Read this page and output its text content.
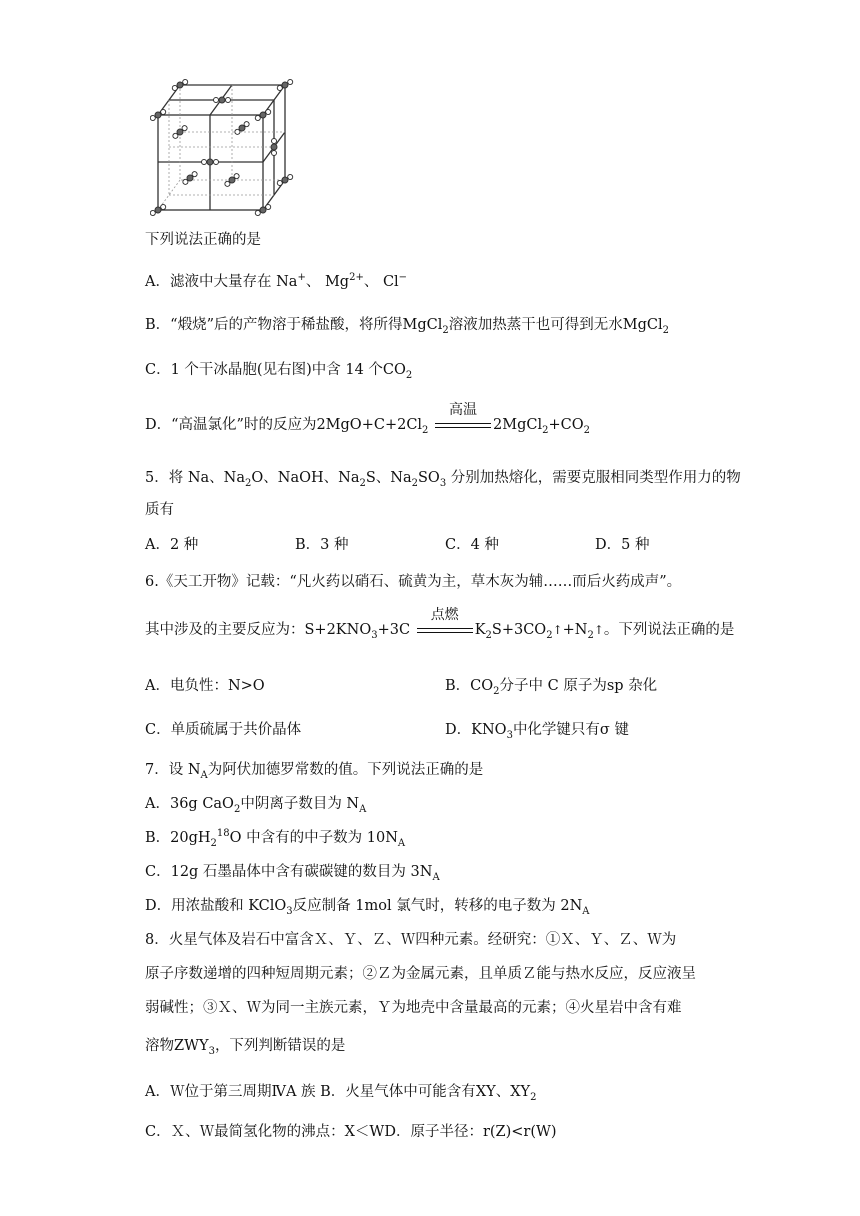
下列说法正确的是
A．滤液中大量存在 Na+、 $Mg^{2+}$、 Cl−
B．“煅烧”后的产物溶于稀盐酸，将所得MgCl$_2$溶液加热蒸干也可得到无水MgCl$_2$
C．1 个干冰晶胞(见右图)中含 14 个$CO_2$
D．“高温氯化”时的反应为$2MgO+C+2Cl_2$
高温
$2MgCl_2+CO_2$
5．将 Na、$Na_2O$、NaOH、$Na_2S$、$Na_2SO_3$ 分别加热熔化，需要克服相同类型作用力的物
质有
A．2 种	B．3 种	C．4 种	D．5 种
6.《天工开物》记载：“凡火药以硝石、硫黄为主，草木灰为辅……而后火药成声”。
其中涉及的主要反应为：$S+2KNO_3+3C$
点燃
$K_2S+3CO_2↑+N_2↑$。下列说法正确的是
A．电负性：N>O	B．$CO_2$分子中 C 原子为sp 杂化
C．单质硫属于共价晶体	D．$KNO_3$中化学键只有σ 键
7．设 $N_A$为阿伏加德罗常数的值。下列说法正确的是
A．36g CaO$_2$中阴离子数目为 $N_A$
B．$20gH_2^{18}O$ 中含有的中子数为 $10N_A$
C．12g 石墨晶体中含有碳碳键的数目为 $3N_A$
D．用浓盐酸和 KClO$_3$反应制备 1mol 氯气时，转移的电子数为 $2N_A$
8．火星气体及岩石中富含Ｘ、Ｙ、Ｚ、Ｗ四种元素。经研究：①Ｘ、Ｙ、Ｚ、Ｗ为
原子序数递增的四种短周期元素；②Ｚ为金属元素，且单质Ｚ能与热水反应，反应液呈
弱碱性；③Ｘ、Ｗ为同一主族元素，Ｙ为地壳中含量最高的元素；④火星岩中含有难
溶物$ZWY_3$，下列判断错误的是
A．Ｗ位于第三周期ⅣA 族 B．火星气体中可能含有XY、$XY_2$
C．Ｘ、Ｗ最简氢化物的沸点：X＜WD．原子半径：r(Z)<r(W)
